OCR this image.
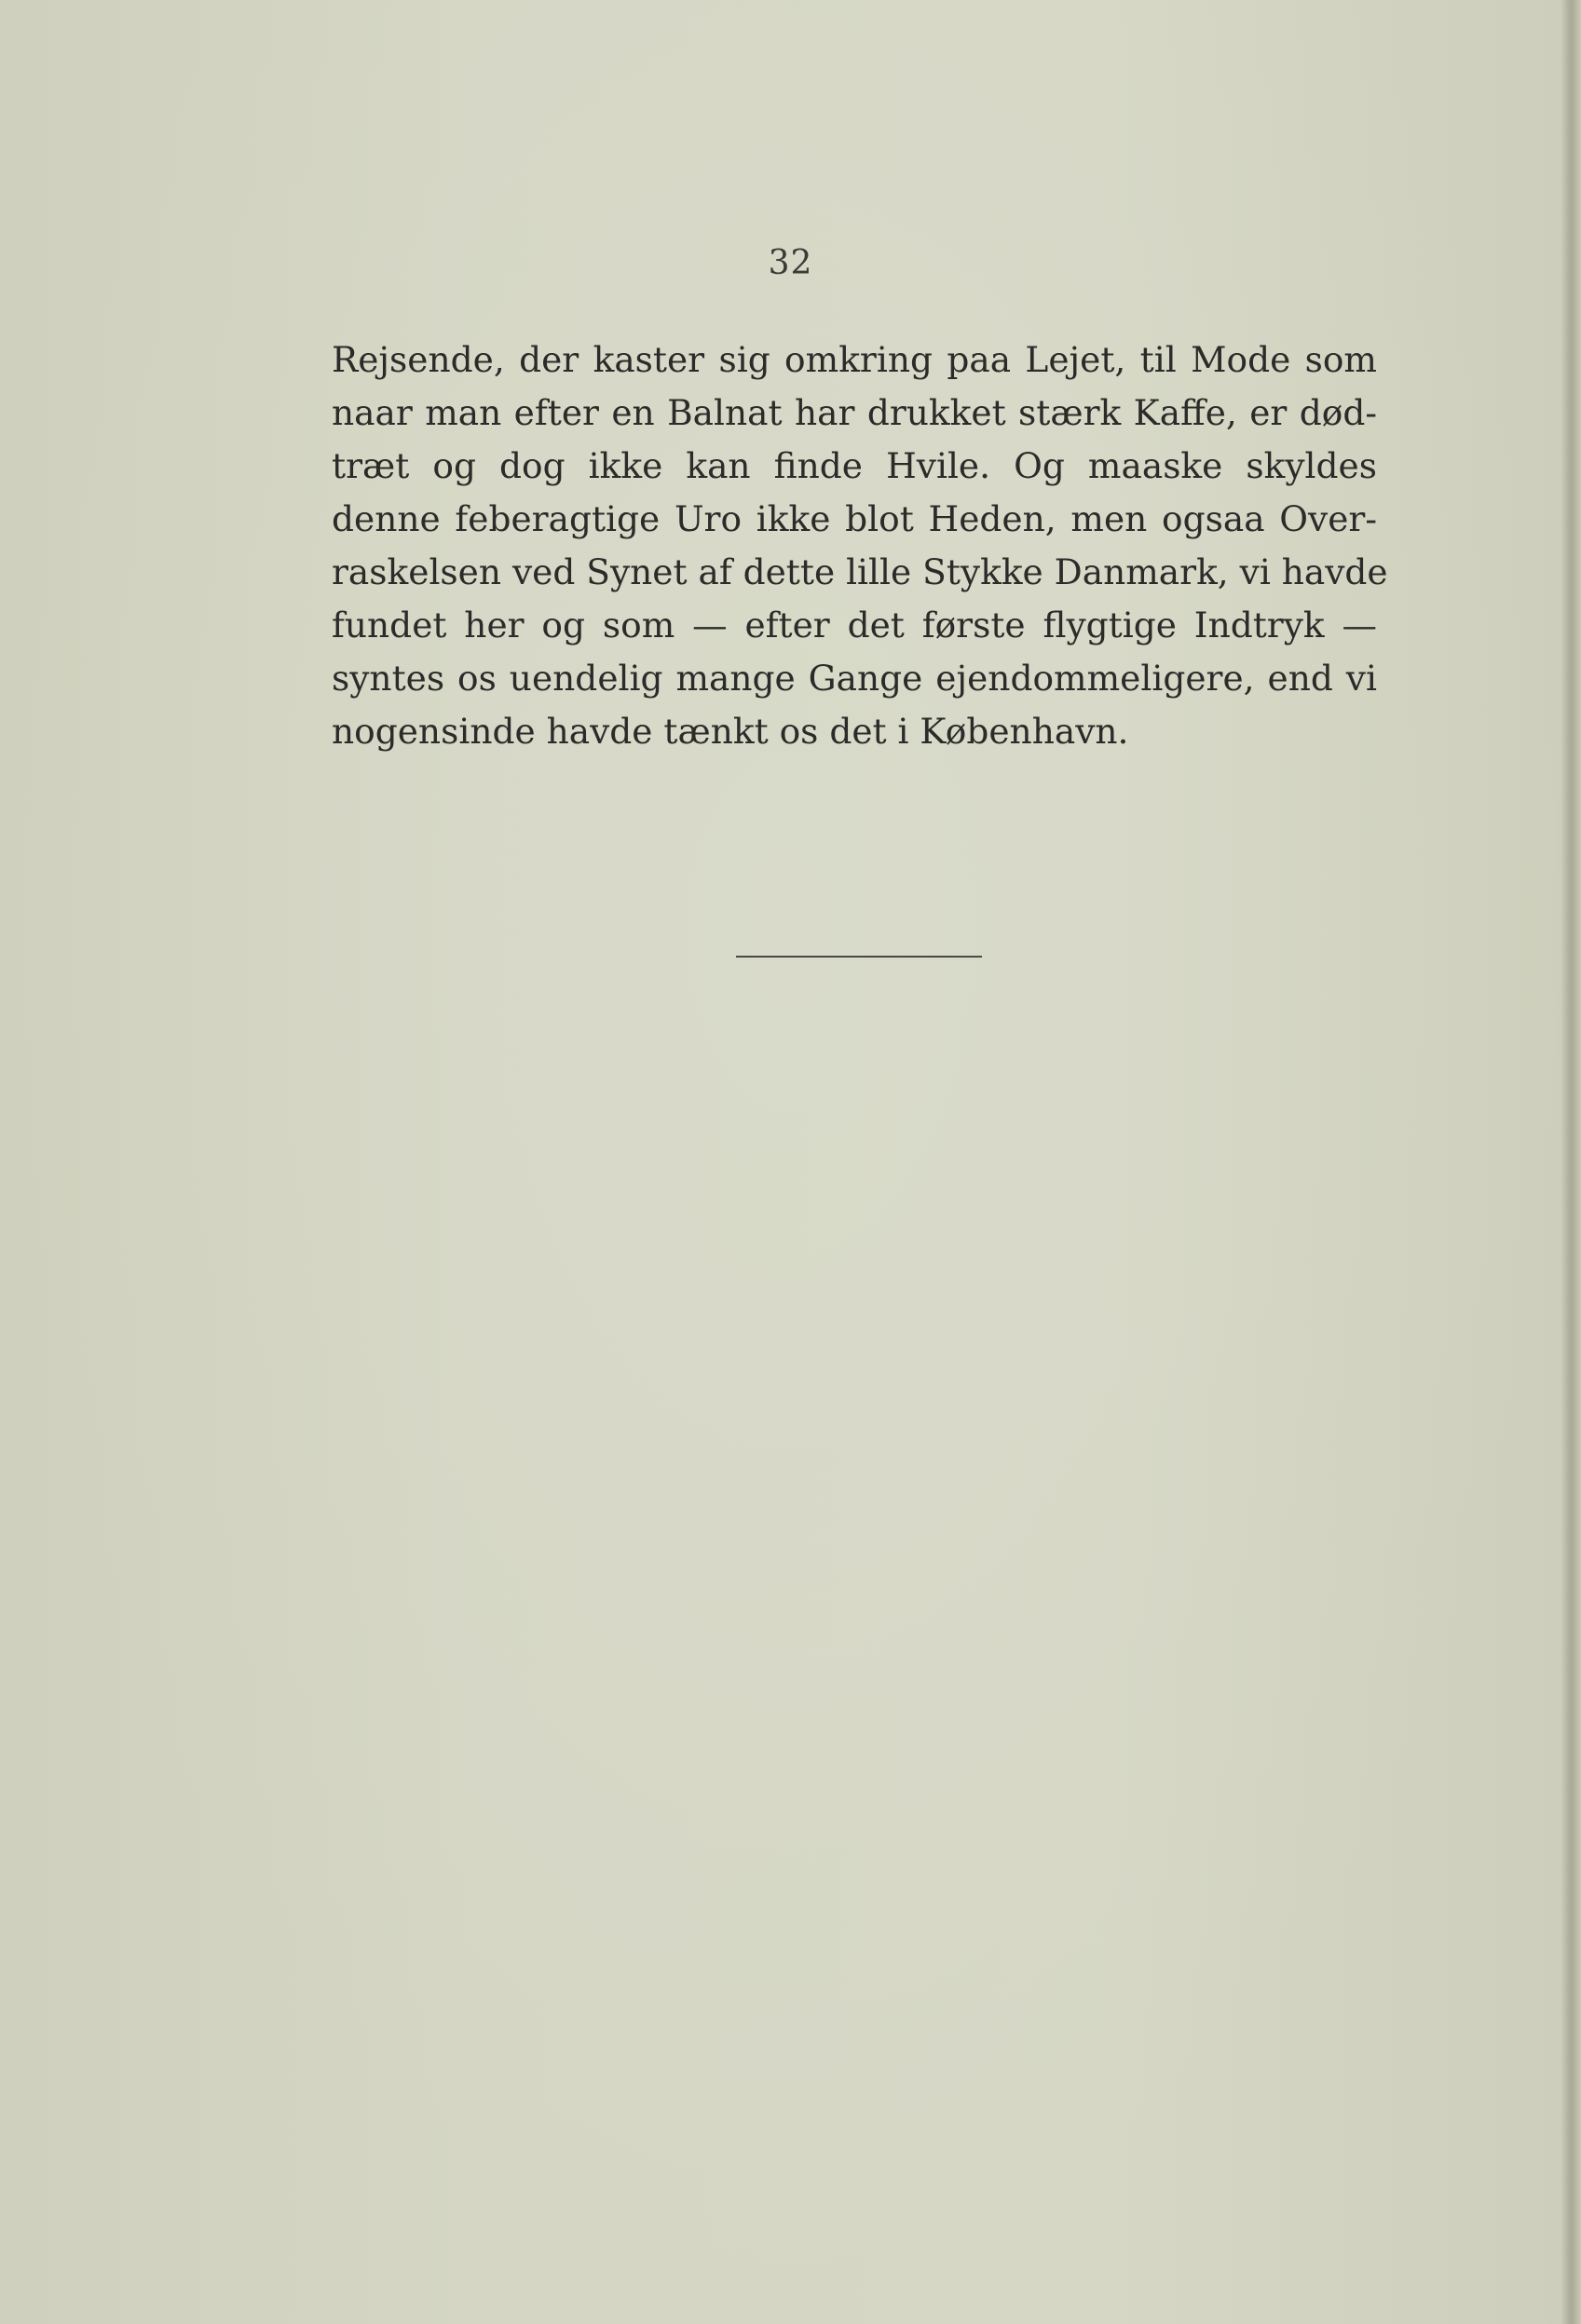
32
Rejsende, der kaster sig omkring paa Lejet, til Mode som
naar man efter en Balnat har drukket stærk Kaffe, er død-
træt og dog ikke kan finde Hvile. Og maaske skyldes
denne feberagtige Uro ikke blot Heden, men ogsaa Over-
raskelsen ved Synet af dette lille Stykke Danmark, vi havde
fundet her og som — efter det første flygtige Indtryk —
syntes os uendelig mange Gange ejendommeligere, end vi
nogensinde havde tænkt os det i København.
